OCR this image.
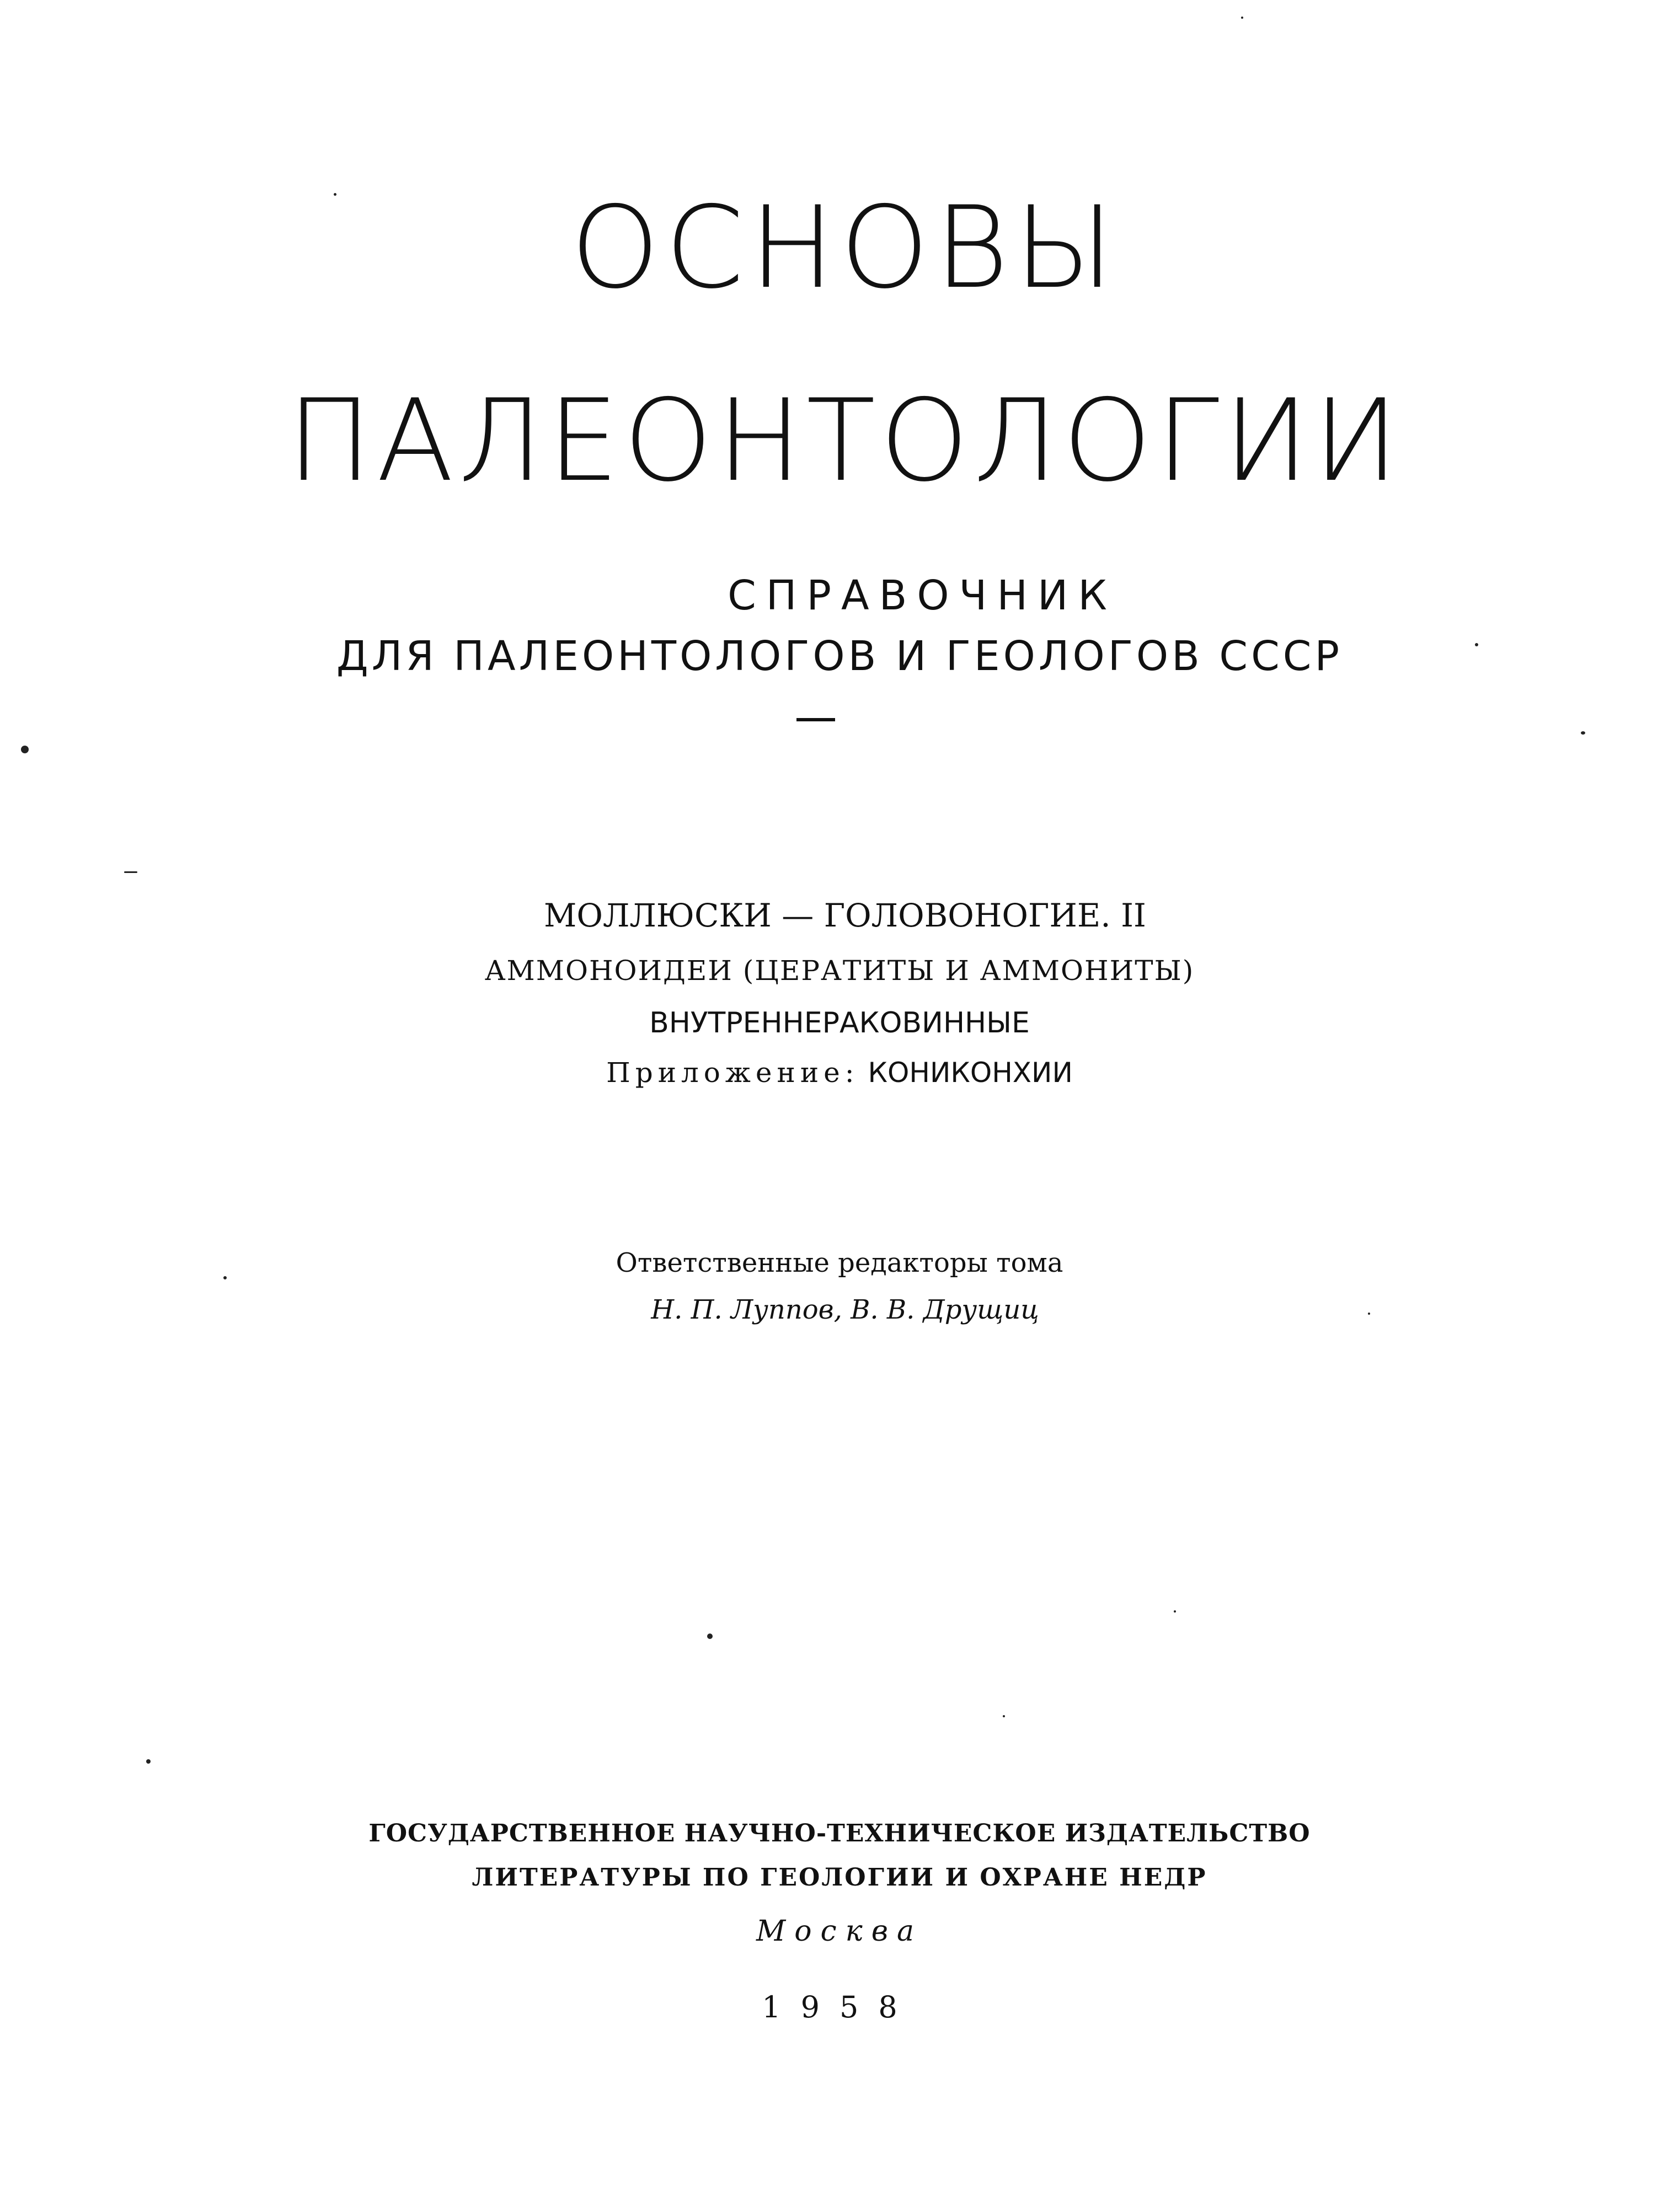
ОСНОВЫ
ПАЛЕОНТОЛОГИИ
СПРАВОЧНИК
ДЛЯ ПАЛЕОНТОЛОГОВ И ГЕОЛОГОВ СССР
МОЛЛЮСКИ — ГОЛОВОНОГИЕ. II
АММОНОИДЕИ (ЦЕРАТИТЫ И АММОНИТЫ)
ВНУТРЕННЕРАКОВИННЫЕ
Приложение: КОНИКОНХИИ
Ответственные редакторы тома
Н. П. Луппов, В. В. Друщиц
ГОСУДАРСТВЕННОЕ НАУЧНО-ТЕХНИЧЕСКОЕ ИЗДАТЕЛЬСТВО
ЛИТЕРАТУРЫ ПО ГЕОЛОГИИ И ОХРАНЕ НЕДР
Москва
1958
